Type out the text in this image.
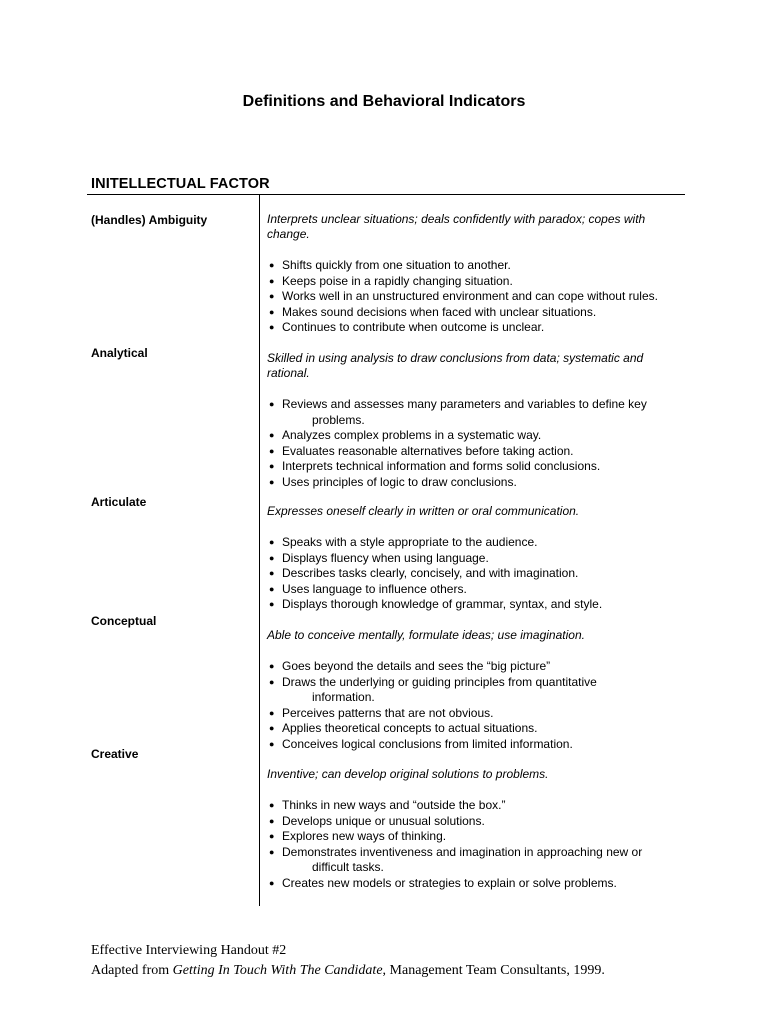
Definitions and Behavioral Indicators
INITELLECTUAL FACTOR
(Handles) Ambiguity	Interprets unclear situations; deals confidently with paradox; copes with change.
● Shifts quickly from one situation to another.
● Keeps poise in a rapidly changing situation.
● Works well in an unstructured environment and can cope without rules.
● Makes sound decisions when faced with unclear situations.
● Continues to contribute when outcome is unclear.
Analytical	Skilled in using analysis to draw conclusions from data; systematic and rational.
● Reviews and assesses many parameters and variables to define key
problems.
● Analyzes complex problems in a systematic way.
● Evaluates reasonable alternatives before taking action.
● Interprets technical information and forms solid conclusions.
● Uses principles of logic to draw conclusions.
Articulate
Expresses oneself clearly in written or oral communication.
● Speaks with a style appropriate to the audience.
● Displays fluency when using language.
● Describes tasks clearly, concisely, and with imagination.
● Uses language to influence others.
● Displays thorough knowledge of grammar, syntax, and style.
Conceptual
Able to conceive mentally, formulate ideas; use imagination.
● Goes beyond the details and sees the “big picture”
● Draws the underlying or guiding principles from quantitative
information.
● Perceives patterns that are not obvious.
● Applies theoretical concepts to actual situations.
● Conceives logical conclusions from limited information.
Creative
Inventive; can develop original solutions to problems.
● Thinks in new ways and “outside the box.”
● Develops unique or unusual solutions.
● Explores new ways of thinking.
● Demonstrates inventiveness and imagination in approaching new or
difficult tasks.
● Creates new models or strategies to explain or solve problems.
Effective Interviewing Handout #2
Adapted from Getting In Touch With The Candidate, Management Team Consultants, 1999.
